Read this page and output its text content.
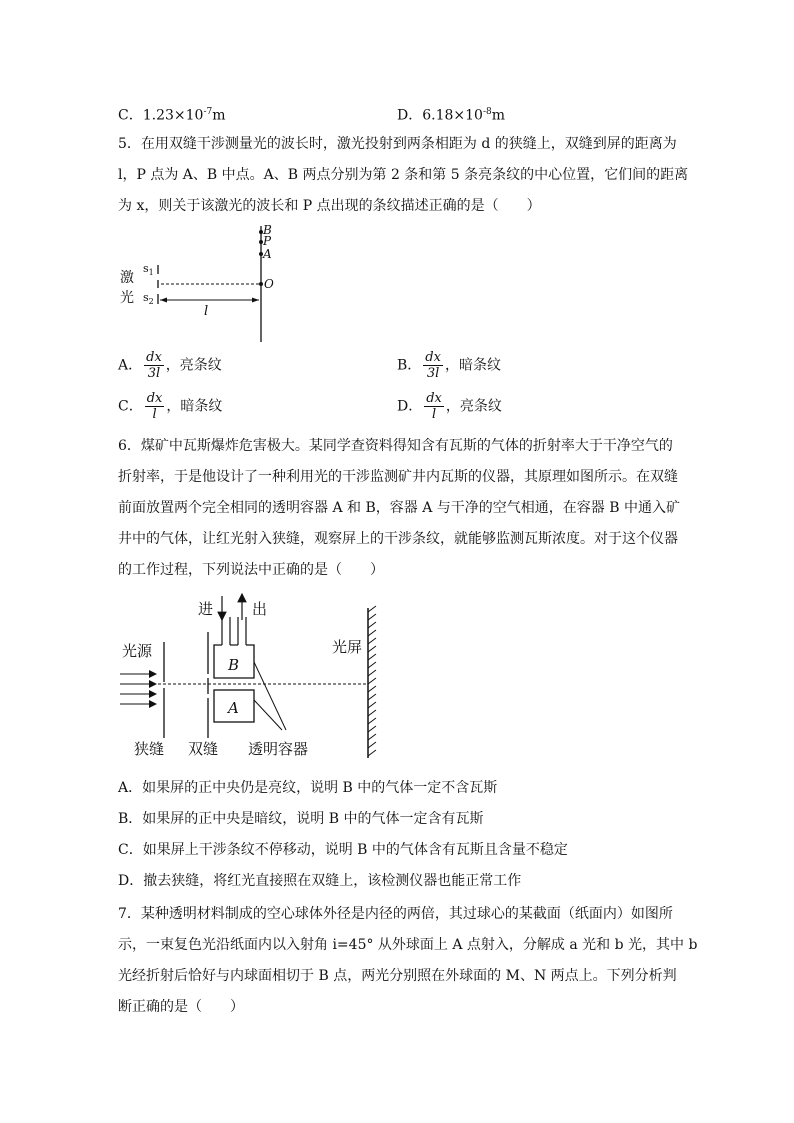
C．$1.23\times 10^{-7}m$	D．$6.18\times 10^{-8}m$
5．在用双缝干涉测量光的波长时，激光投射到两条相距为 d 的狭缝上，双缝到屏的距离为
l，P 点为 A、B 中点。A、B 两点分别为第 2 条和第 5 条亮条纹的中心位置，它们间的距离
为 x，则关于该激光的波长和 P 点出现的条纹描述正确的是（　　）
B
P
A
O
l
$s_1$
$s_2$
激
光
A． $\frac{dx}{3l}$ ，亮条纹	B． $\frac{dx}{3l}$ ，暗条纹
C． $\frac{dx}{l}$ ，暗条纹	D． $\frac{dx}{l}$ ，亮条纹
6．煤矿中瓦斯爆炸危害极大。某同学查资料得知含有瓦斯的气体的折射率大于干净空气的
折射率，于是他设计了一种利用光的干涉监测矿井内瓦斯的仪器，其原理如图所示。在双缝
前面放置两个完全相同的透明容器 A 和 B，容器 A 与干净的空气相通，在容器 B 中通入矿
井中的气体，让红光射入狭缝，观察屏上的干涉条纹，就能够监测瓦斯浓度。对于这个仪器
的工作过程，下列说法中正确的是（　　）
进	出
B
A
光源	光屏
狭缝 双缝 透明容器
A．如果屏的正中央仍是亮纹，说明 B 中的气体一定不含瓦斯
B．如果屏的正中央是暗纹，说明 B 中的气体一定含有瓦斯
C．如果屏上干涉条纹不停移动，说明 B 中的气体含有瓦斯且含量不稳定
D．撤去狭缝，将红光直接照在双缝上，该检测仪器也能正常工作
7．某种透明材料制成的空心球体外径是内径的两倍，其过球心的某截面（纸面内）如图所
示，一束复色光沿纸面内以入射角 i=45° 从外球面上 A 点射入，分解成 a 光和 b 光，其中 b
光经折射后恰好与内球面相切于 B 点，两光分别照在外球面的 M、N 两点上。下列分析判
断正确的是（　　）
